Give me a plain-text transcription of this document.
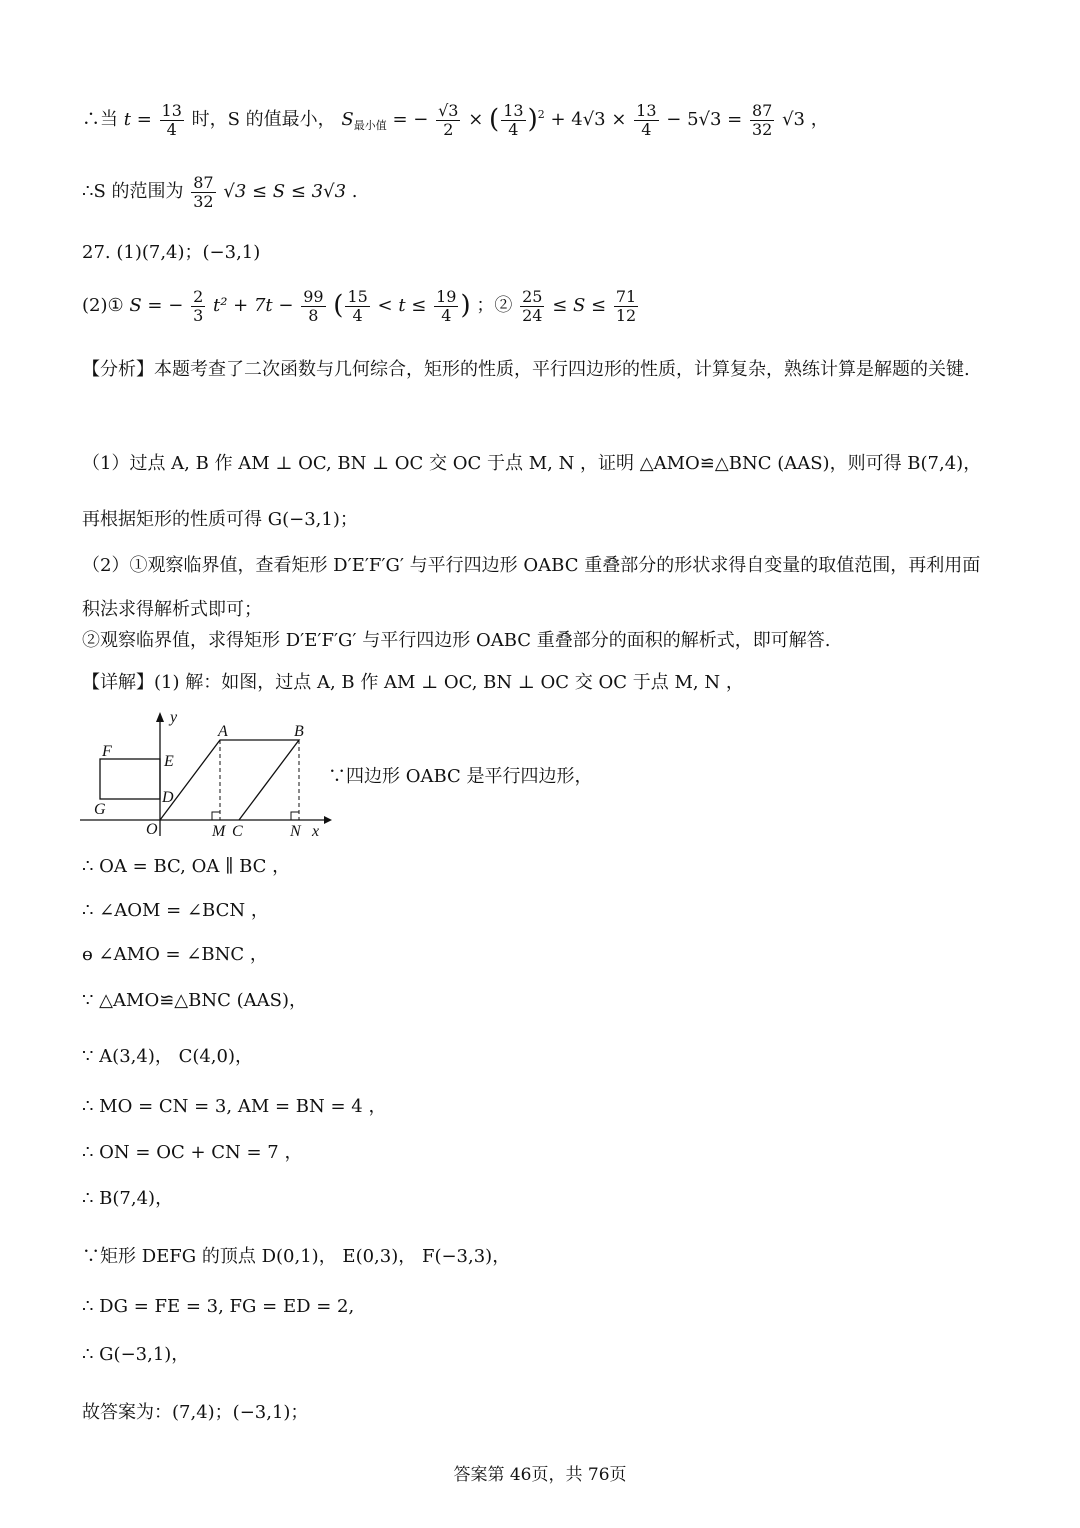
∴当 $t = \frac{13}{4}$ 时，S 的值最小， $S_{最小值}$ = − $\frac{√3}{2}$ × ( $\frac{13}{4} )^2 + 4√3 \times \frac{13}{4} - 5√3 = \frac{87}{32} √3$ ，
∴S 的范围为 $\frac{87}{32} √3 \le S \le 3√3$ .
27. (1)(7,4)；(−3,1)
(2)① S = − $\frac{2}{3} t^2 + 7t - \frac{99}{8}$ ( $\frac{15}{4} < t \le \frac{19}{4}$ ) ；② $\frac{25}{24} \le S \le \frac{71}{12}$
【分析】本题考查了二次函数与几何综合，矩形的性质，平行四边形的性质，计算复杂，熟练计算是解题的关键.
（1）过点 A, B 作 AM ⊥ OC, BN ⊥ OC 交 OC 于点 M, N ，证明 △AMO≌△BNC (AAS)，则可得 B(7,4)，再根据矩形的性质可得 G(−3,1)；
（2）①观察临界值，查看矩形 D′E′F′G′ 与平行四边形 OABC 重叠部分的形状求得自变量的取值范围，再利用面积法求得解析式即可；
②观察临界值，求得矩形 D′E′F′G′ 与平行四边形 OABC 重叠部分的面积的解析式，即可解答.
【详解】(1) 解：如图，过点 A, B 作 AM ⊥ OC, BN ⊥ OC 交 OC 于点 M, N ，
y
A	B
F
E
D
G
O	M C	N x
∵四边形 OABC 是平行四边形，
∴ OA = BC, OA ∥ BC ，
∴ ∠AOM = ∠BCN ，
ɵ ∠AMO = ∠BNC ，
∵ △AMO≌△BNC (AAS)，
∵ A(3,4)， C(4,0)，
∴ MO = CN = 3, AM = BN = 4 ，
∴ ON = OC + CN = 7 ，
∴ B(7,4)，
∵矩形 DEFG 的顶点 D(0,1)， E(0,3)， F(−3,3)，
∴ DG = FE = 3, FG = ED = 2,
∴ G(−3,1)，
故答案为：(7,4)；(−3,1)；
答案第 46页，共 76页
